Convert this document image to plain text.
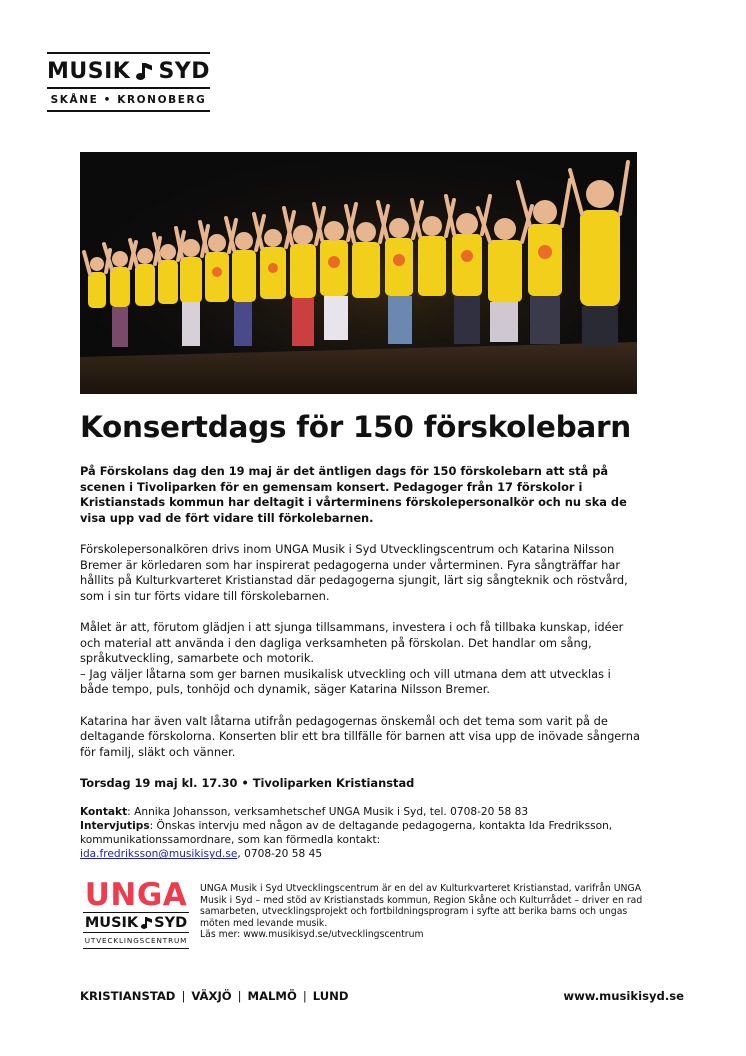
MUSIK SYD
SKÅNE • KRONOBERG
Konsertdags för 150 förskolebarn

På Förskolans dag den 19 maj är det äntligen dags för 150 förskolebarn att stå på scenen i Tivoliparken för en gemensam konsert. Pedagoger från 17 förskolor i Kristianstads kommun har deltagit i vårterminens förskolepersonalkör och nu ska de visa upp vad de fört vidare till förkolebarnen.

Förskolepersonalkören drivs inom UNGA Musik i Syd Utvecklingscentrum och Katarina Nilsson Bremer är körledaren som har inspirerat pedagogerna under vårterminen. Fyra sångträffar har hållits på Kulturkvarteret Kristianstad där pedagogerna sjungit, lärt sig sångteknik och röstvård, som i sin tur förts vidare till förskolebarnen.

Målet är att, förutom glädjen i att sjunga tillsammans, investera i och få tillbaka kunskap, idéer och material att använda i den dagliga verksamheten på förskolan. Det handlar om sång, språkutveckling, samarbete och motorik.

– Jag väljer låtarna som ger barnen musikalisk utveckling och vill utmana dem att utvecklas i både tempo, puls, tonhöjd och dynamik, säger Katarina Nilsson Bremer.

Katarina har även valt låtarna utifrån pedagogernas önskemål och det tema som varit på de deltagande förskolorna. Konserten blir ett bra tillfälle för barnen att visa upp de inövade sångerna för familj, släkt och vänner.

Torsdag 19 maj kl. 17.30 • Tivoliparken Kristianstad

Kontakt: Annika Johansson, verksamhetschef UNGA Musik i Syd, tel. 0708-20 58 83
Intervjutips: Önskas intervju med någon av de deltagande pedagogerna, kontakta Ida Fredriksson, kommunikationssamordnare, som kan förmedla kontakt:
ida.fredriksson@musikisyd.se, 0708-20 58 45

UNGA
MUSIK SYD
UTVECKLINGSCENTRUM

UNGA Musik i Syd Utvecklingscentrum är en del av Kulturkvarteret Kristianstad, varifrån UNGA Musik i Syd – med stöd av Kristianstads kommun, Region Skåne och Kulturrådet – driver en rad samarbeten, utvecklingsprojekt och fortbildningsprogram i syfte att berika barns och ungas möten med levande musik.

Läs mer: www.musikisyd.se/utvecklingscentrum

KRISTIANSTAD | VÄXJÖ | MALMÖ | LUND	www.musikisyd.se
